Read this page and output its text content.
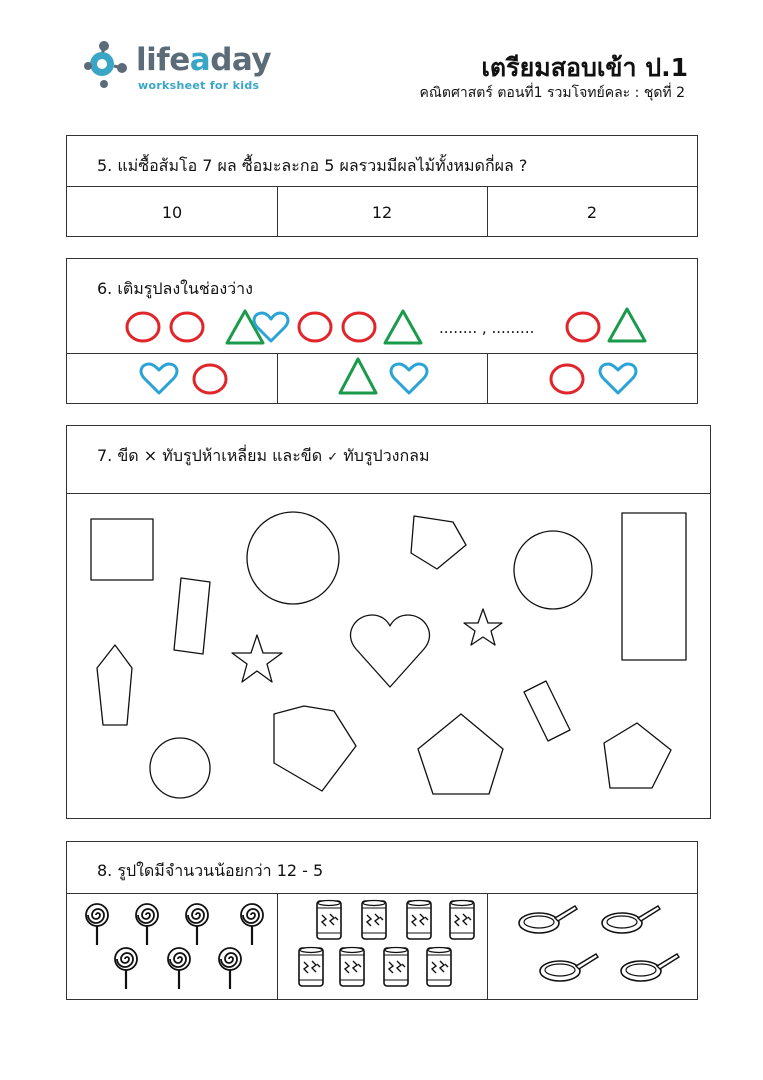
lifeaday
worksheet for kids
เตรียมสอบเข้า ป.1
คณิตศาสตร์ ตอนที่1 รวมโจทย์คละ : ชุดที่ 2
5. แม่ซื้อส้มโอ 7 ผล ซื้อมะละกอ 5 ผลรวมมีผลไม้ทั้งหมดกี่ผล ?
10	12	2
6. เติมรูปลงในช่องว่าง
........ , .........
7. ขีด × ทับรูปห้าเหลี่ยม และขีด ✓ ทับรูปวงกลม
8. รูปใดมีจำนวนน้อยกว่า 12 - 5
